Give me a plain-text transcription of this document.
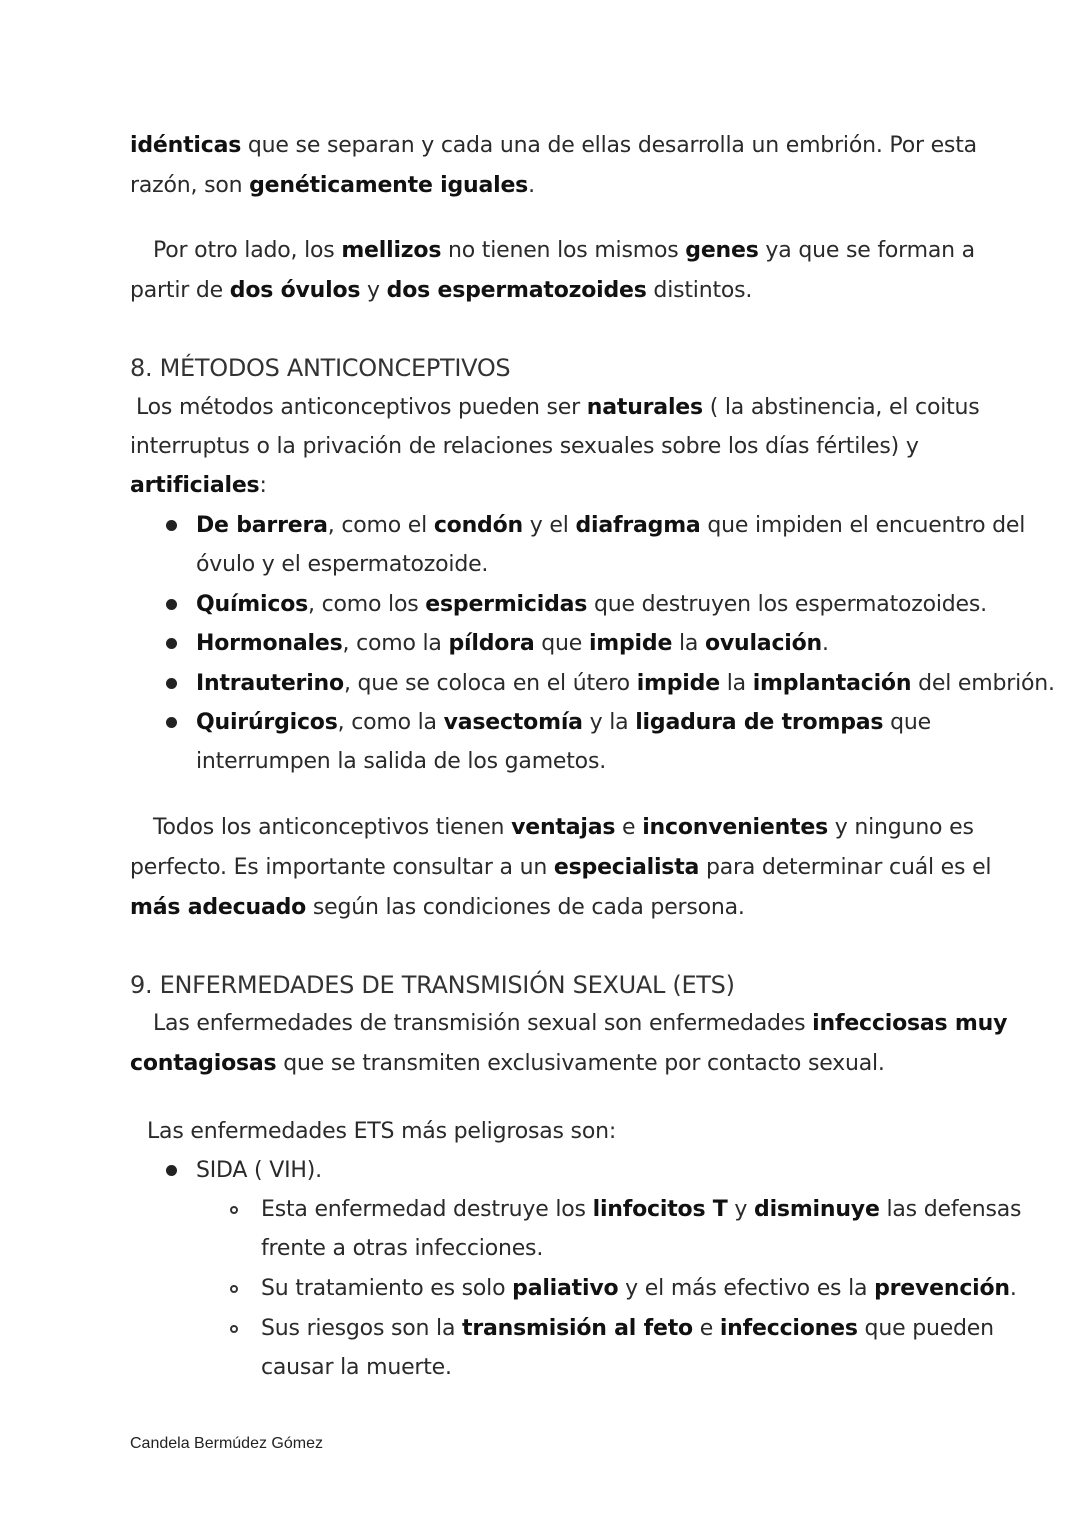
idénticas que se separan y cada una de ellas desarrolla un embrión. Por esta
razón, son genéticamente iguales.
Por otro lado, los mellizos no tienen los mismos genes ya que se forman a
partir de dos óvulos y dos espermatozoides distintos.
8. MÉTODOS ANTICONCEPTIVOS
Los métodos anticonceptivos pueden ser naturales ( la abstinencia, el coitus
interruptus o la privación de relaciones sexuales sobre los días fértiles) y
artificiales:
De barrera, como el condón y el diafragma que impiden el encuentro del
óvulo y el espermatozoide.
Químicos, como los espermicidas que destruyen los espermatozoides.
Hormonales, como la píldora que impide la ovulación.
Intrauterino, que se coloca en el útero impide la implantación del embrión.
Quirúrgicos, como la vasectomía y la ligadura de trompas que
interrumpen la salida de los gametos.
Todos los anticonceptivos tienen ventajas e inconvenientes y ninguno es
perfecto. Es importante consultar a un especialista para determinar cuál es el
más adecuado según las condiciones de cada persona.
9. ENFERMEDADES DE TRANSMISIÓN SEXUAL (ETS)
Las enfermedades de transmisión sexual son enfermedades infecciosas muy
contagiosas que se transmiten exclusivamente por contacto sexual.
Las enfermedades ETS más peligrosas son:
SIDA ( VIH).
Esta enfermedad destruye los linfocitos T y disminuye las defensas
frente a otras infecciones.
Su tratamiento es solo paliativo y el más efectivo es la prevención.
Sus riesgos son la transmisión al feto e infecciones que pueden
causar la muerte.
Candela Bermúdez Gómez
